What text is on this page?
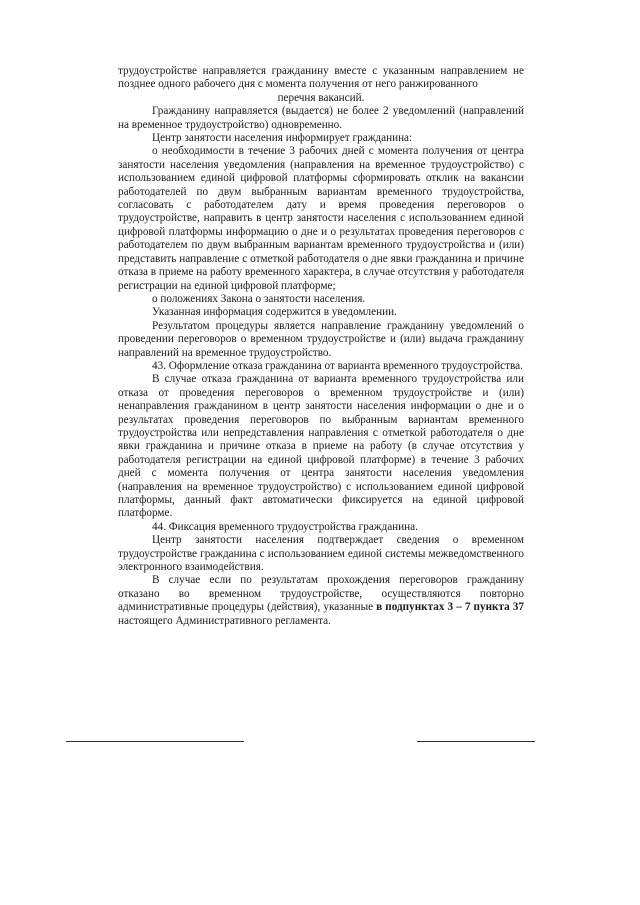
трудоустройстве направляется гражданину вместе с указанным направлением не позднее одного рабочего дня с момента получения от него ранжированного

перечня вакансий.

Гражданину направляется (выдается) не более 2 уведомлений (направлений на временное трудоустройство) одновременно.

Центр занятости населения информирует гражданина:

о необходимости в течение 3 рабочих дней с момента получения от центра занятости населения уведомления (направления на временное трудоустройство) с использованием единой цифровой платформы сформировать отклик на вакансии работодателей по двум выбранным вариантам временного трудоустройства, согласовать с работодателем дату и время проведения переговоров о трудоустройстве, направить в центр занятости населения с использованием единой цифровой платформы информацию о дне и о результатах проведения переговоров с работодателем по двум выбранным вариантам временного трудоустройства и (или) представить направление с отметкой работодателя о дне явки гражданина и причине отказа в приеме на работу временного характера, в случае отсутствия у работодателя регистрации на единой цифровой платформе;

о положениях Закона о занятости населения.

Указанная информация содержится в уведомлении.

Результатом процедуры является направление гражданину уведомлений о проведении переговоров о временном трудоустройстве и (или) выдача гражданину направлений на временное трудоустройство.

43. Оформление отказа гражданина от варианта временного трудоустройства.

В случае отказа гражданина от варианта временного трудоустройства или отказа от проведения переговоров о временном трудоустройстве и (или) ненаправления гражданином в центр занятости населения информации о дне и о результатах проведения переговоров по выбранным вариантам временного трудоустройства или непредставления направления с отметкой работодателя о дне явки гражданина и причине отказа в приеме на работу (в случае отсутствия у работодателя регистрации на единой цифровой платформе) в течение 3 рабочих дней с момента получения от центра занятости населения уведомления (направления на временное трудоустройство) с использованием единой цифровой платформы, данный факт автоматически фиксируется на единой цифровой платформе.

44. Фиксация временного трудоустройства гражданина.

Центр занятости населения подтверждает сведения о временном трудоустройстве гражданина с использованием единой системы межведомственного электронного взаимодействия.

В случае если по результатам прохождения переговоров гражданину отказано во временном трудоустройстве, осуществляются повторно административные процедуры (действия), указанные в подпунктах 3 – 7 пункта 37 настоящего Административного регламента.
